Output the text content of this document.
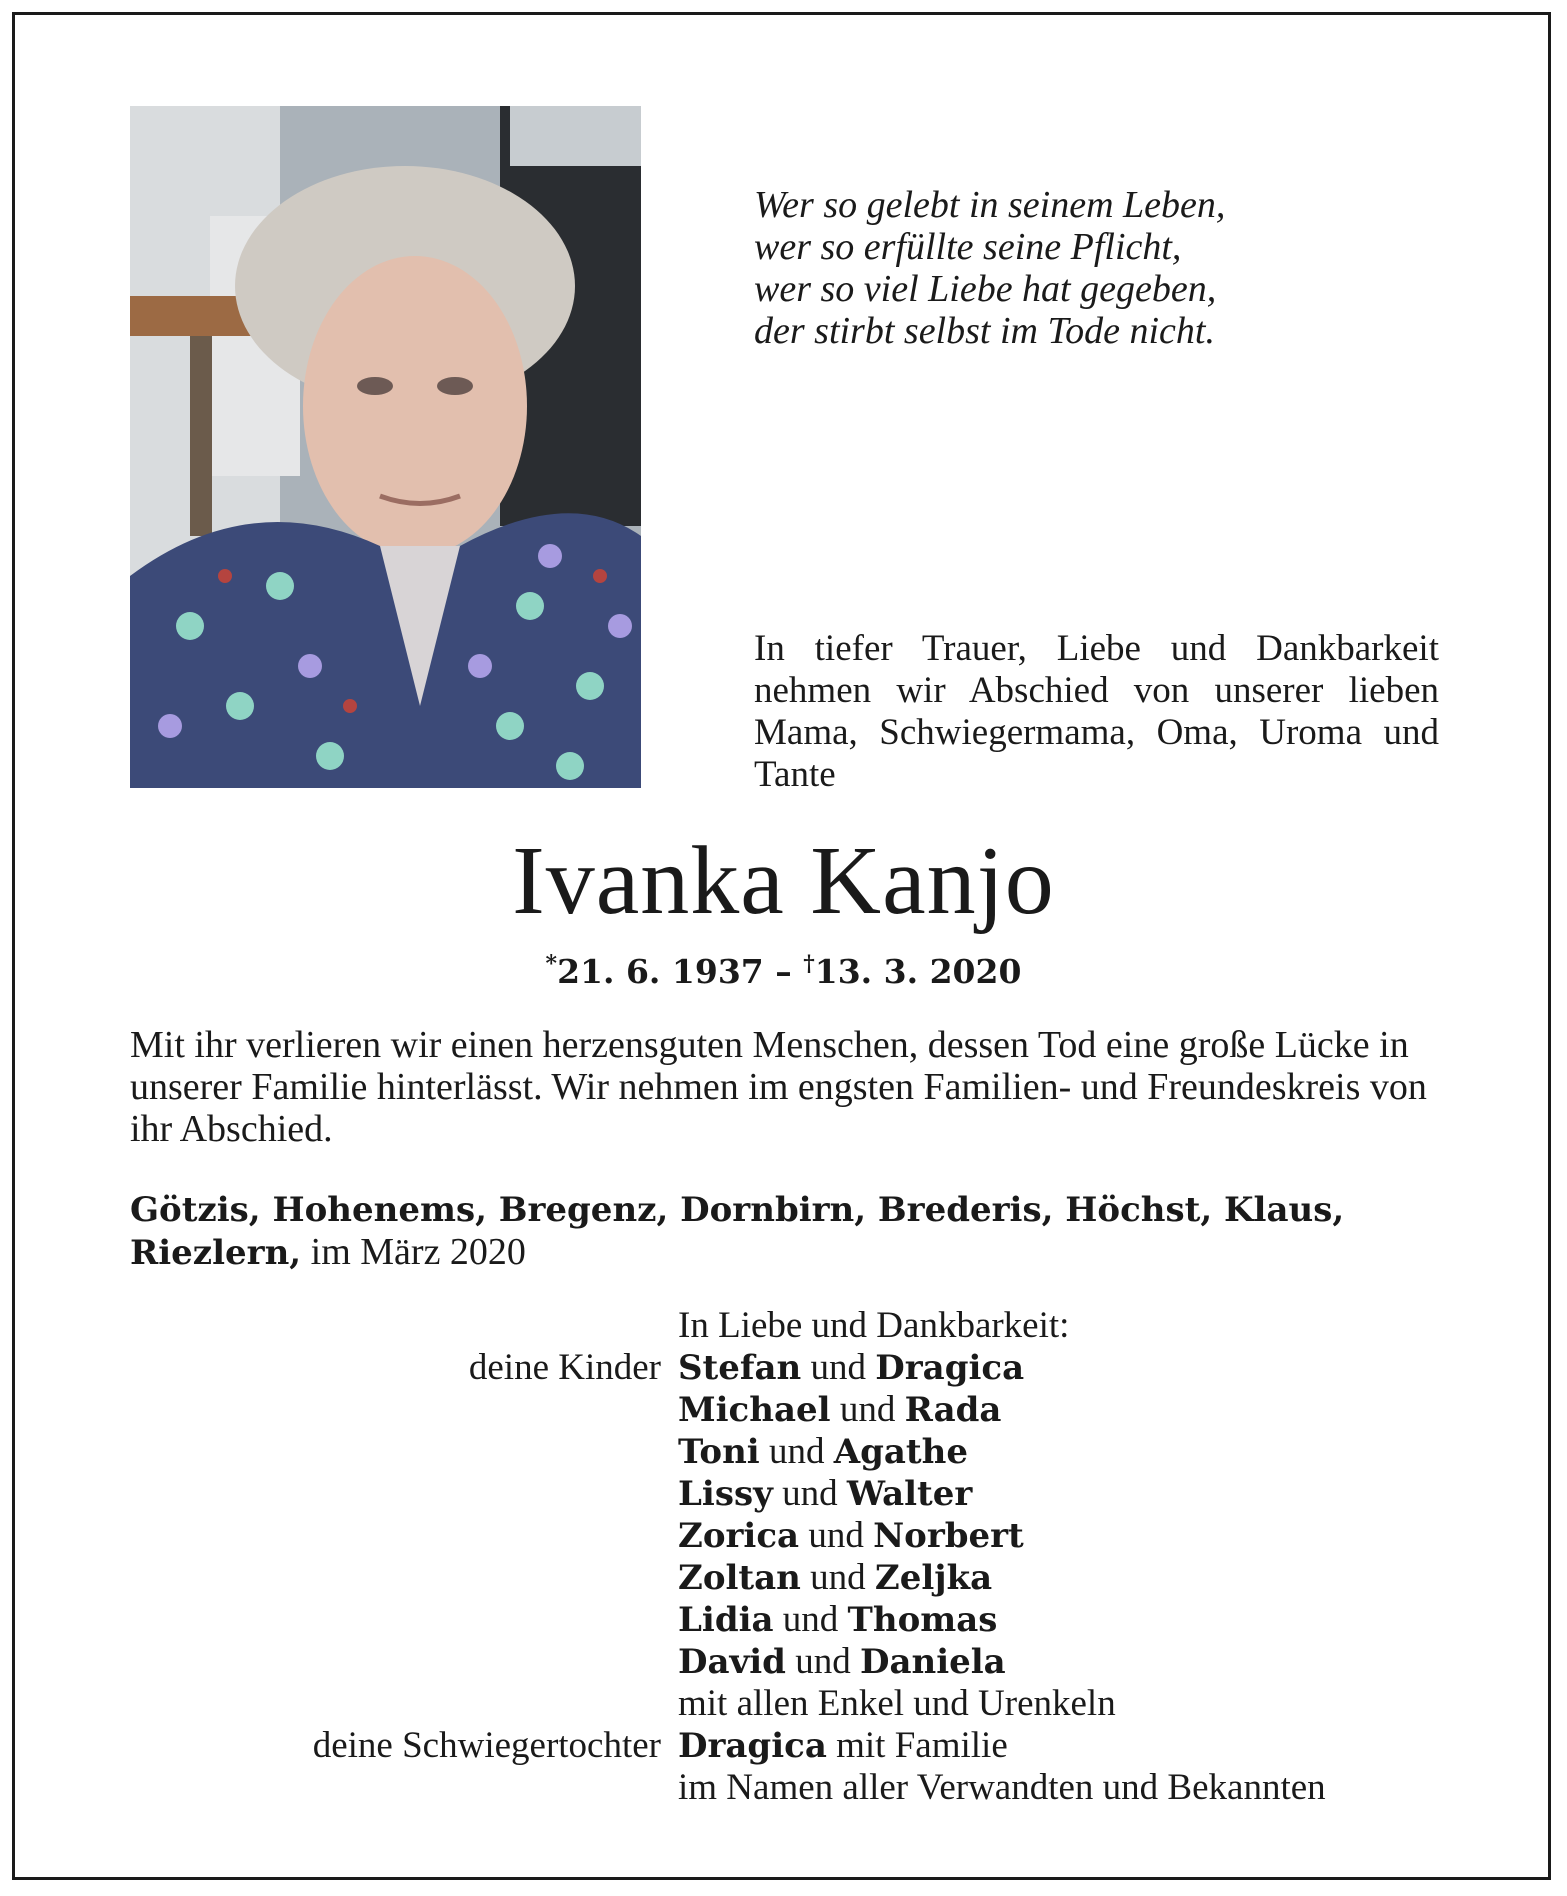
Wer so gelebt in seinem Leben,
wer so erfüllte seine Pflicht,
wer so viel Liebe hat gegeben,
der stirbt selbst im Tode nicht.
In tiefer Trauer, Liebe und Dankbarkeit nehmen wir Abschied von unserer lieben Mama, Schwiegermama, Oma, Uroma und Tante
Ivanka Kanjo
*21. 6. 1937 – †13. 3. 2020
Mit ihr verlieren wir einen herzensguten Menschen, dessen Tod eine große Lücke in unserer Familie hinterlässt. Wir nehmen im engsten Familien- und Freundeskreis von ihr Abschied.
Götzis, Hohenems, Bregenz, Dornbirn, Brederis, Höchst, Klaus, Riezlern, im März 2020
In Liebe und Dankbarkeit:
deine Kinder Stefan und Dragica
Michael und Rada
Toni und Agathe
Lissy und Walter
Zorica und Norbert
Zoltan und Zeljka
Lidia und Thomas
David und Daniela
mit allen Enkel und Urenkeln
deine Schwiegertochter Dragica mit Familie
im Namen aller Verwandten und Bekannten
